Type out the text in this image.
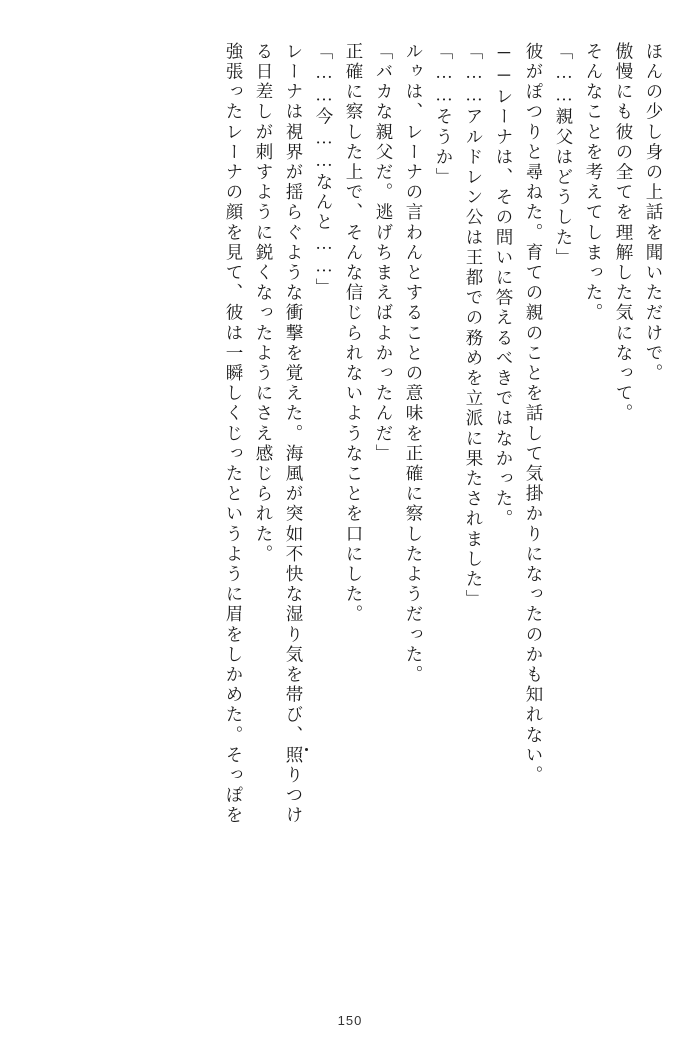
ほんの少し身の上話を聞いただけで。
傲慢にも彼の全てを理解した気になって。
そんなことを考えてしまった。
「……親父はどうした」
彼がぽつりと尋ねた。育ての親のことを話して気掛かりになったのかも知れない。
──レーナは、その問いに答えるべきではなかった。
「……アルドレン公は王都での務めを立派に果たされました」
「……そうか」
ルゥは、レーナの言わんとすることの意味を正確に察したようだった。
「バカな親父だ。逃げちまえばよかったんだ」
正確に察した上で、そんな信じられないようなことを口にした。
「……今……なんと……」
レーナは視界が揺らぐような衝撃を覚えた。海風が突如不快な湿り気を帯び、照りつけ
る日差しが刺すように鋭くなったようにさえ感じられた。
強張ったレーナの顔を見て、彼は一瞬しくじったというように眉をしかめた。そっぽを
150
